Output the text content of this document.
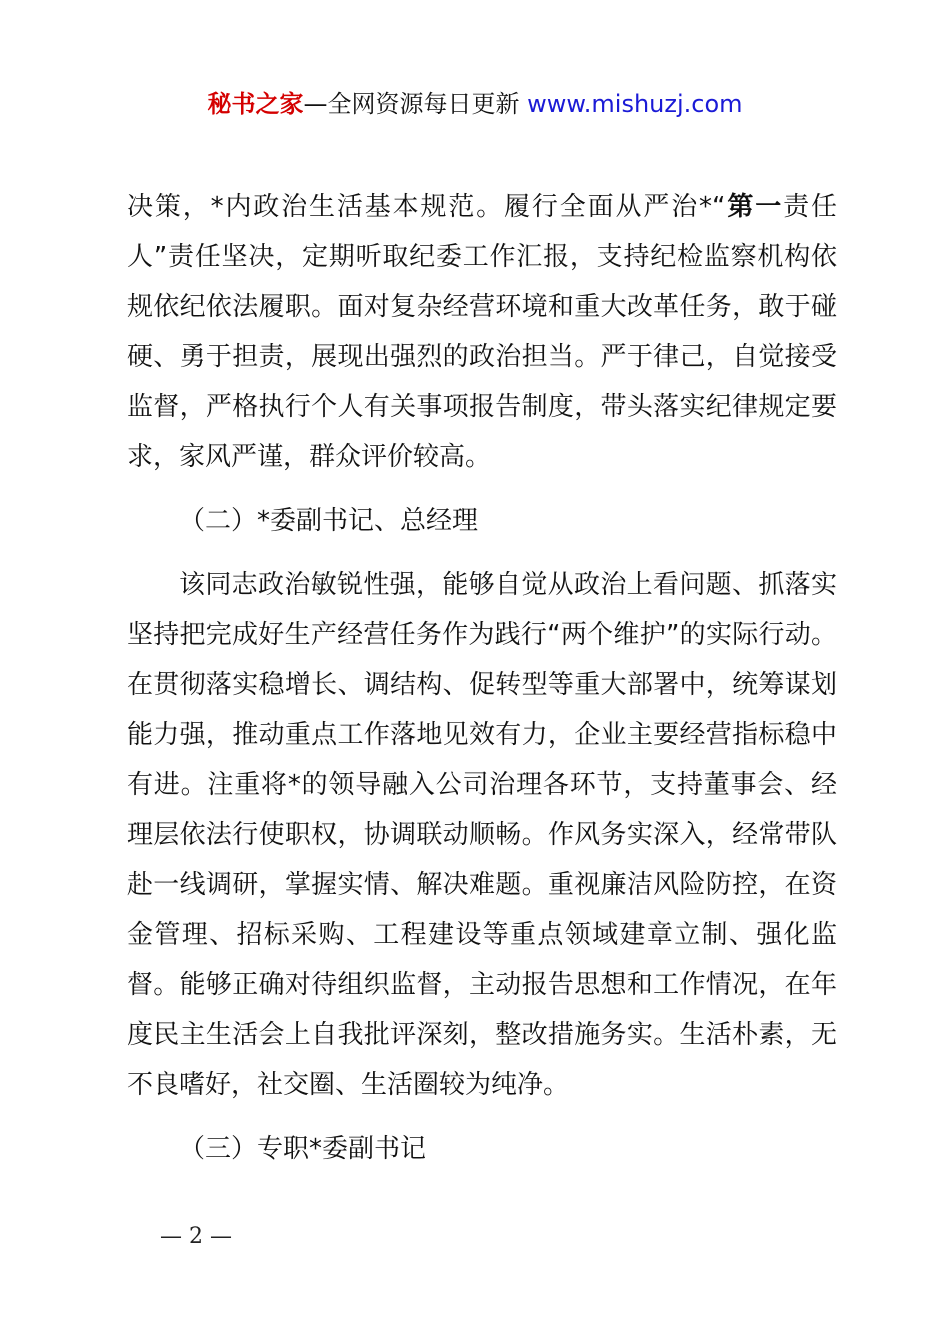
秘书之家—全网资源每日更新 www.mishuzj.com

决策，*内政治生活基本规范。履行全面从严治*“第一责任人”责任坚决，定期听取纪委工作汇报，支持纪检监察机构依规依纪依法履职。面对复杂经营环境和重大改革任务，敢于碰硬、勇于担责，展现出强烈的政治担当。严于律己，自觉接受监督，严格执行个人有关事项报告制度，带头落实纪律规定要求，家风严谨，群众评价较高。

（二）*委副书记、总经理

该同志政治敏锐性强，能够自觉从政治上看问题、抓落实坚持把完成好生产经营任务作为践行“两个维护”的实际行动。在贯彻落实稳增长、调结构、促转型等重大部署中，统筹谋划能力强，推动重点工作落地见效有力，企业主要经营指标稳中有进。注重将*的领导融入公司治理各环节，支持董事会、经理层依法行使职权，协调联动顺畅。作风务实深入，经常带队赴一线调研，掌握实情、解决难题。重视廉洁风险防控，在资金管理、招标采购、工程建设等重点领域建章立制、强化监督。能够正确对待组织监督，主动报告思想和工作情况，在年度民主生活会上自我批评深刻，整改措施务实。生活朴素，无不良嗜好，社交圈、生活圈较为纯净。

（三）专职*委副书记

— 2 —
